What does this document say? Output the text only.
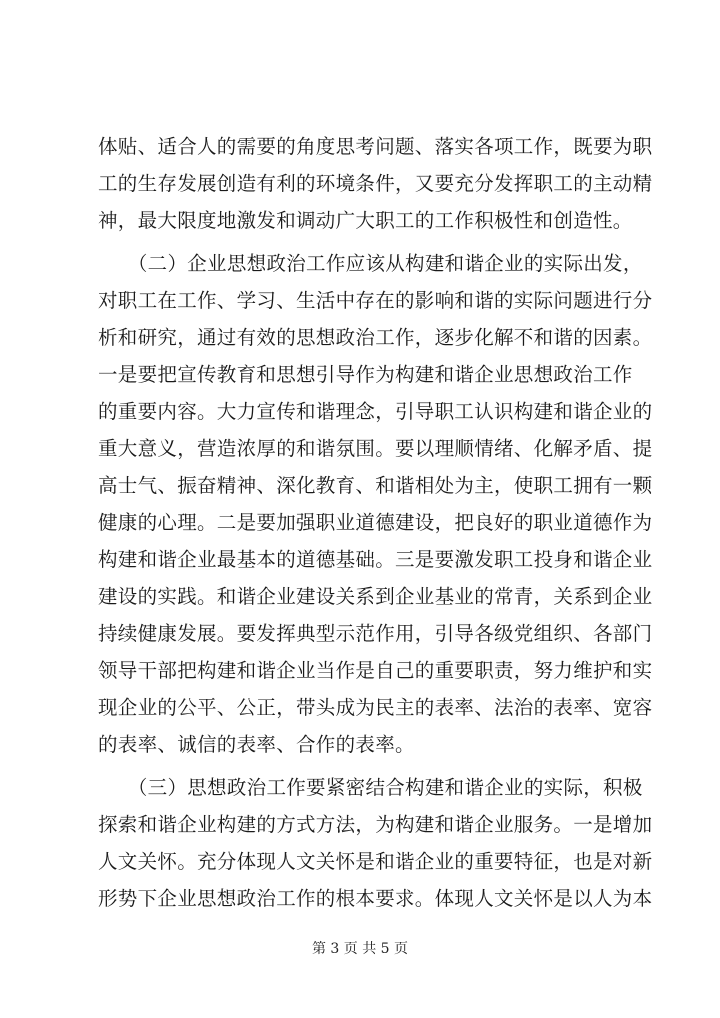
体贴、适合人的需要的角度思考问题、落实各项工作，既要为职
工的生存发展创造有利的环境条件，又要充分发挥职工的主动精
神，最大限度地激发和调动广大职工的工作积极性和创造性。
　　（二）企业思想政治工作应该从构建和谐企业的实际出发，
对职工在工作、学习、生活中存在的影响和谐的实际问题进行分
析和研究，通过有效的思想政治工作，逐步化解不和谐的因素。
一是要把宣传教育和思想引导作为构建和谐企业思想政治工作
的重要内容。大力宣传和谐理念，引导职工认识构建和谐企业的
重大意义，营造浓厚的和谐氛围。要以理顺情绪、化解矛盾、提
高士气、振奋精神、深化教育、和谐相处为主，使职工拥有一颗
健康的心理。二是要加强职业道德建设，把良好的职业道德作为
构建和谐企业最基本的道德基础。三是要激发职工投身和谐企业
建设的实践。和谐企业建设关系到企业基业的常青，关系到企业
持续健康发展。要发挥典型示范作用，引导各级党组织、各部门
领导干部把构建和谐企业当作是自己的重要职责，努力维护和实
现企业的公平、公正，带头成为民主的表率、法治的表率、宽容
的表率、诚信的表率、合作的表率。
　　（三）思想政治工作要紧密结合构建和谐企业的实际，积极
探索和谐企业构建的方式方法，为构建和谐企业服务。一是增加
人文关怀。充分体现人文关怀是和谐企业的重要特征，也是对新
形势下企业思想政治工作的根本要求。体现人文关怀是以人为本
第 3 页 共 5 页
